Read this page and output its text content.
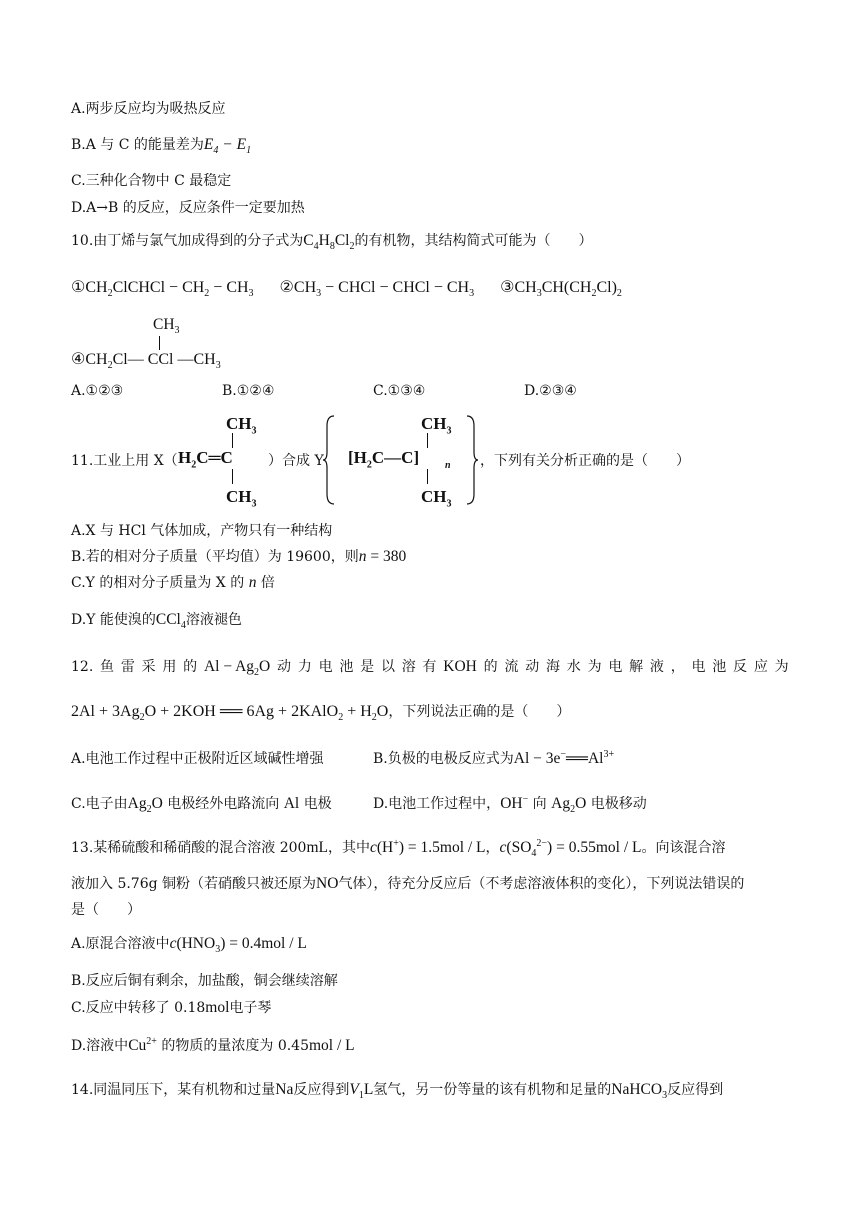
A.两步反应均为吸热反应
B.A 与 C 的能量差为$E_4 - E_1$
C.三种化合物中 C 最稳定
D.A→B 的反应，反应条件一定要加热
10.由丁烯与氯气加成得到的分子式为$C_4H_8Cl_2$的有机物，其结构简式可能为（　　）
$①CH_2ClCHCl - CH_2 - CH_3$ $②CH_3$ − CHCl − CHCl − $CH_3$ $③CH_3CH(CH_2Cl)_2$
$CH_3$
$④CH_2Cl—$ CCl $—CH_3$
A.①②③	B.①②④	C.①③④	D.②③④
11.工业上用 X（ $H_2C═C$
$CH_3$
$CH_3$
）合成 Y $[H_2C—C]$	n
$CH_3$
$CH_3$
，下列有关分析正确的是（　　）
A.X 与 HCl 气体加成，产物只有一种结构
B.若的相对分子质量（平均值）为 19600，则n = 380
C.Y 的相对分子质量为 X 的 n 倍
D.Y 能使溴的CCl$_4$溶液褪色
12. 鱼 雷 采 用 的 $Al - Ag_2O$ 动 力 电 池 是 以 溶 有 KOH 的 流 动 海 水 为 电 解 液 ， 电 池 反 应 为
$2Al + 3Ag_2O + 2KOH$ ══ 6Ag + 2KAlO$_2$ + $H_2O$，下列说法正确的是（　　）
A.电池工作过程中正极附近区域碱性增强	B.负极的电极反应式为$Al - 3e^-══Al^{3+}$
C.电子由$Ag_2O$ 电极经外电路流向 Al 电极	D.电池工作过程中，OH− 向 $Ag_2O$ 电极移动
13.某稀硫酸和稀硝酸的混合溶液 200mL，其中c(H+) = 1.5mol / L，$c(SO_4^{2-}) = 0.55mol / L$。向该混合溶
液加入 5.76g 铜粉（若硝酸只被还原为NO气体），待充分反应后（不考虑溶液体积的变化），下列说法错误的
是（　　）
A.原混合溶液中$c(HNO_3) = 0.4mol / L$
B.反应后铜有剩余，加盐酸，铜会继续溶解
C.反应中转移了 0.18mol电子琴
D.溶液中$Cu^{2+}$ 的物质的量浓度为 0.45mol / L
14.同温同压下，某有机物和过量Na反应得到$V_1L$氢气，另一份等量的该有机物和足量的NaHCO$_3$反应得到
